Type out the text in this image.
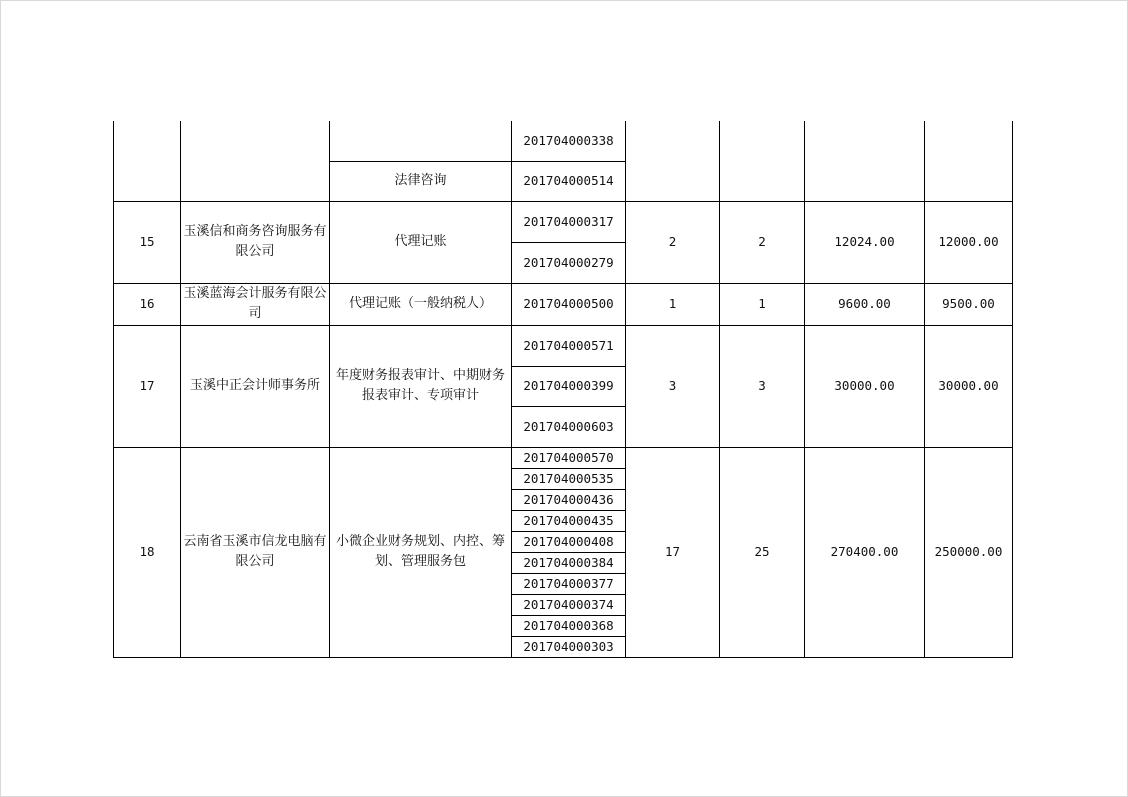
			201704000338				
		法律咨询	201704000514				
15	玉溪信和商务咨询服务有限公司	代理记账	201704000317	2	2	12024.00	12000.00
			201704000279				
16	玉溪蓝海会计服务有限公司	代理记账（一般纳税人）	201704000500	1	1	9600.00	9500.00
17	玉溪中正会计师事务所	年度财务报表审计、中期财务报表审计、专项审计	201704000571	3	3	30000.00	30000.00
			201704000399				
			201704000603				
18	云南省玉溪市信龙电脑有限公司	小微企业财务规划、内控、筹划、管理服务包	201704000570	17	25	270400.00	250000.00
			201704000535				
			201704000436				
			201704000435				
			201704000408				
			201704000384				
			201704000377				
			201704000374				
			201704000368				
			201704000303				
